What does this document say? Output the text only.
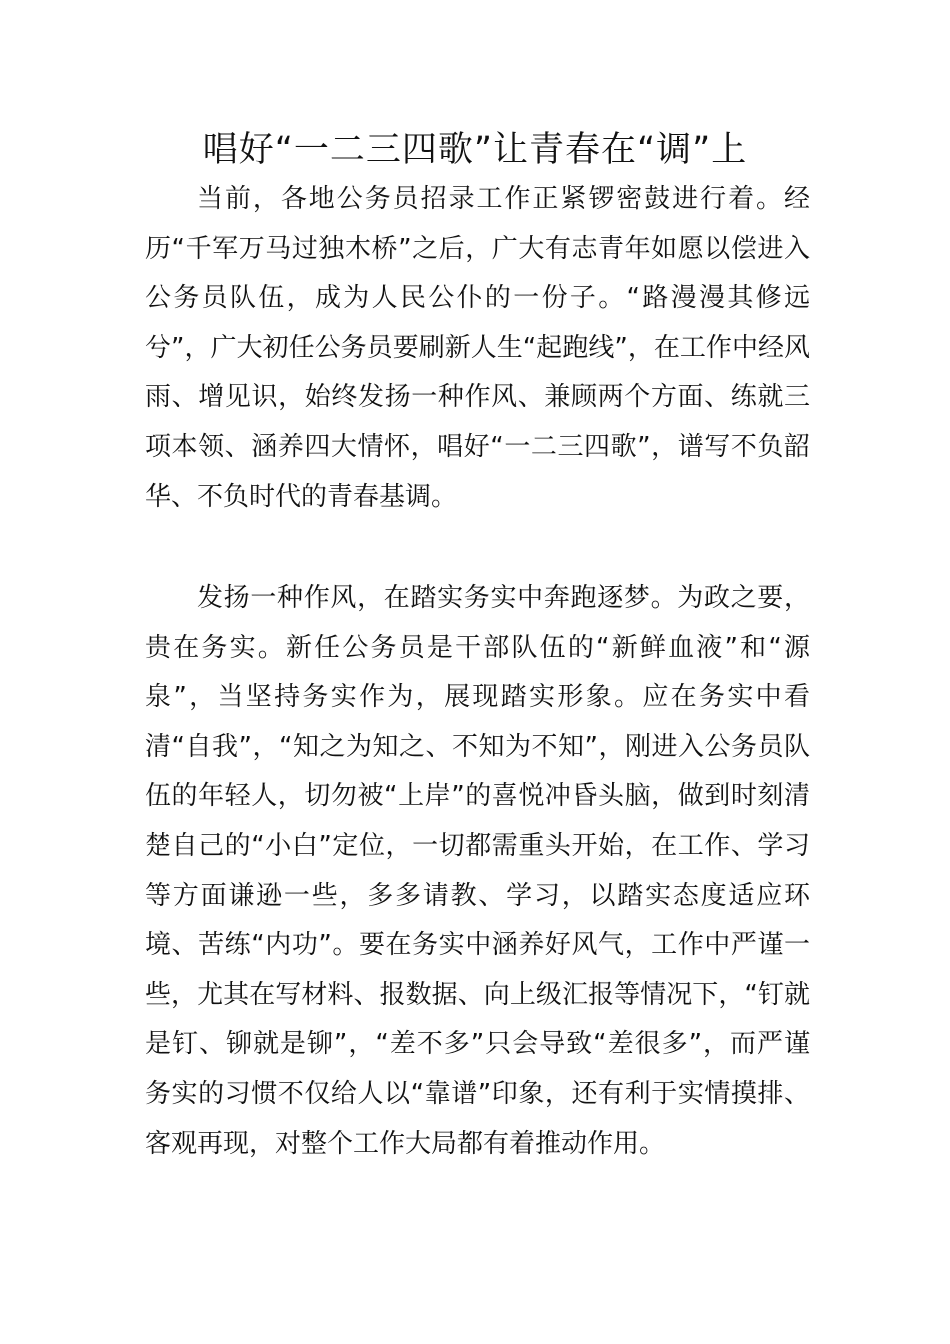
唱好“一二三四歌”让青春在“调”上

当前，各地公务员招录工作正紧锣密鼓进行着。经历“千军万马过独木桥”之后，广大有志青年如愿以偿进入公务员队伍，成为人民公仆的一份子。“路漫漫其修远兮”，广大初任公务员要刷新人生“起跑线”，在工作中经风雨、增见识，始终发扬一种作风、兼顾两个方面、练就三项本领、涵养四大情怀，唱好“一二三四歌”，谱写不负韶华、不负时代的青春基调。

发扬一种作风，在踏实务实中奔跑逐梦。为政之要，贵在务实。新任公务员是干部队伍的“新鲜血液”和“源泉”，当坚持务实作为，展现踏实形象。应在务实中看清“自我”，“知之为知之、不知为不知”，刚进入公务员队伍的年轻人，切勿被“上岸”的喜悦冲昏头脑，做到时刻清楚自己的“小白”定位，一切都需重头开始，在工作、学习等方面谦逊一些，多多请教、学习，以踏实态度适应环境、苦练“内功”。要在务实中涵养好风气，工作中严谨一些，尤其在写材料、报数据、向上级汇报等情况下，“钉就是钉、铆就是铆”，“差不多”只会导致“差很多”，而严谨务实的习惯不仅给人以“靠谱”印象，还有利于实情摸排、客观再现，对整个工作大局都有着推动作用。
